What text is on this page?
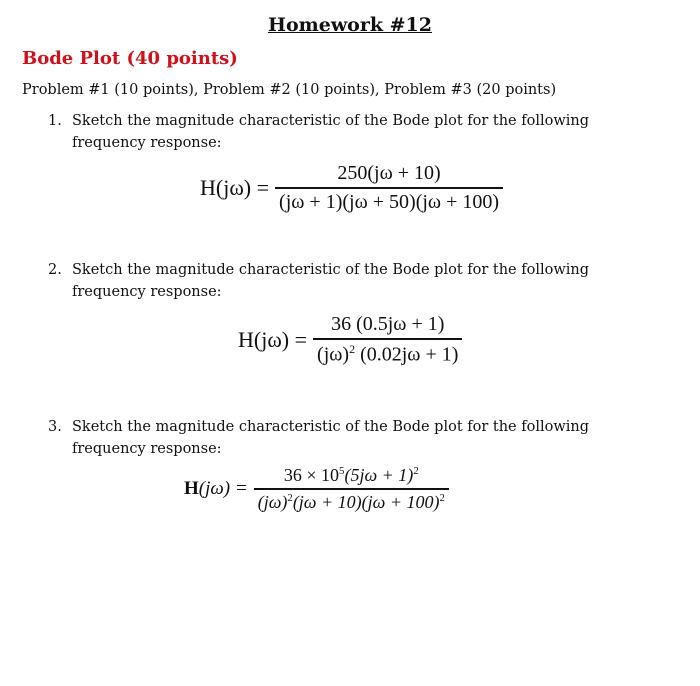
Homework #12
Bode Plot (40 points)
Problem #1 (10 points), Problem #2 (10 points), Problem #3 (20 points)
1. Sketch the magnitude characteristic of the Bode plot for the following frequency response:
$H(j\omega) = \frac{250(j\omega + 10)}{(j\omega + 1)(j\omega + 50)(j\omega + 100)}$
2. Sketch the magnitude characteristic of the Bode plot for the following frequency response:
$H(j\omega) = \frac{36 (0.5j\omega + 1)}{(j\omega)^2 (0.02j\omega + 1)}$
3. Sketch the magnitude characteristic of the Bode plot for the following frequency response:
$H(j\omega) = \frac{36 \times 10^5(5j\omega + 1)^2}{(j\omega)^2(j\omega + 10)(j\omega + 100)^2}$
